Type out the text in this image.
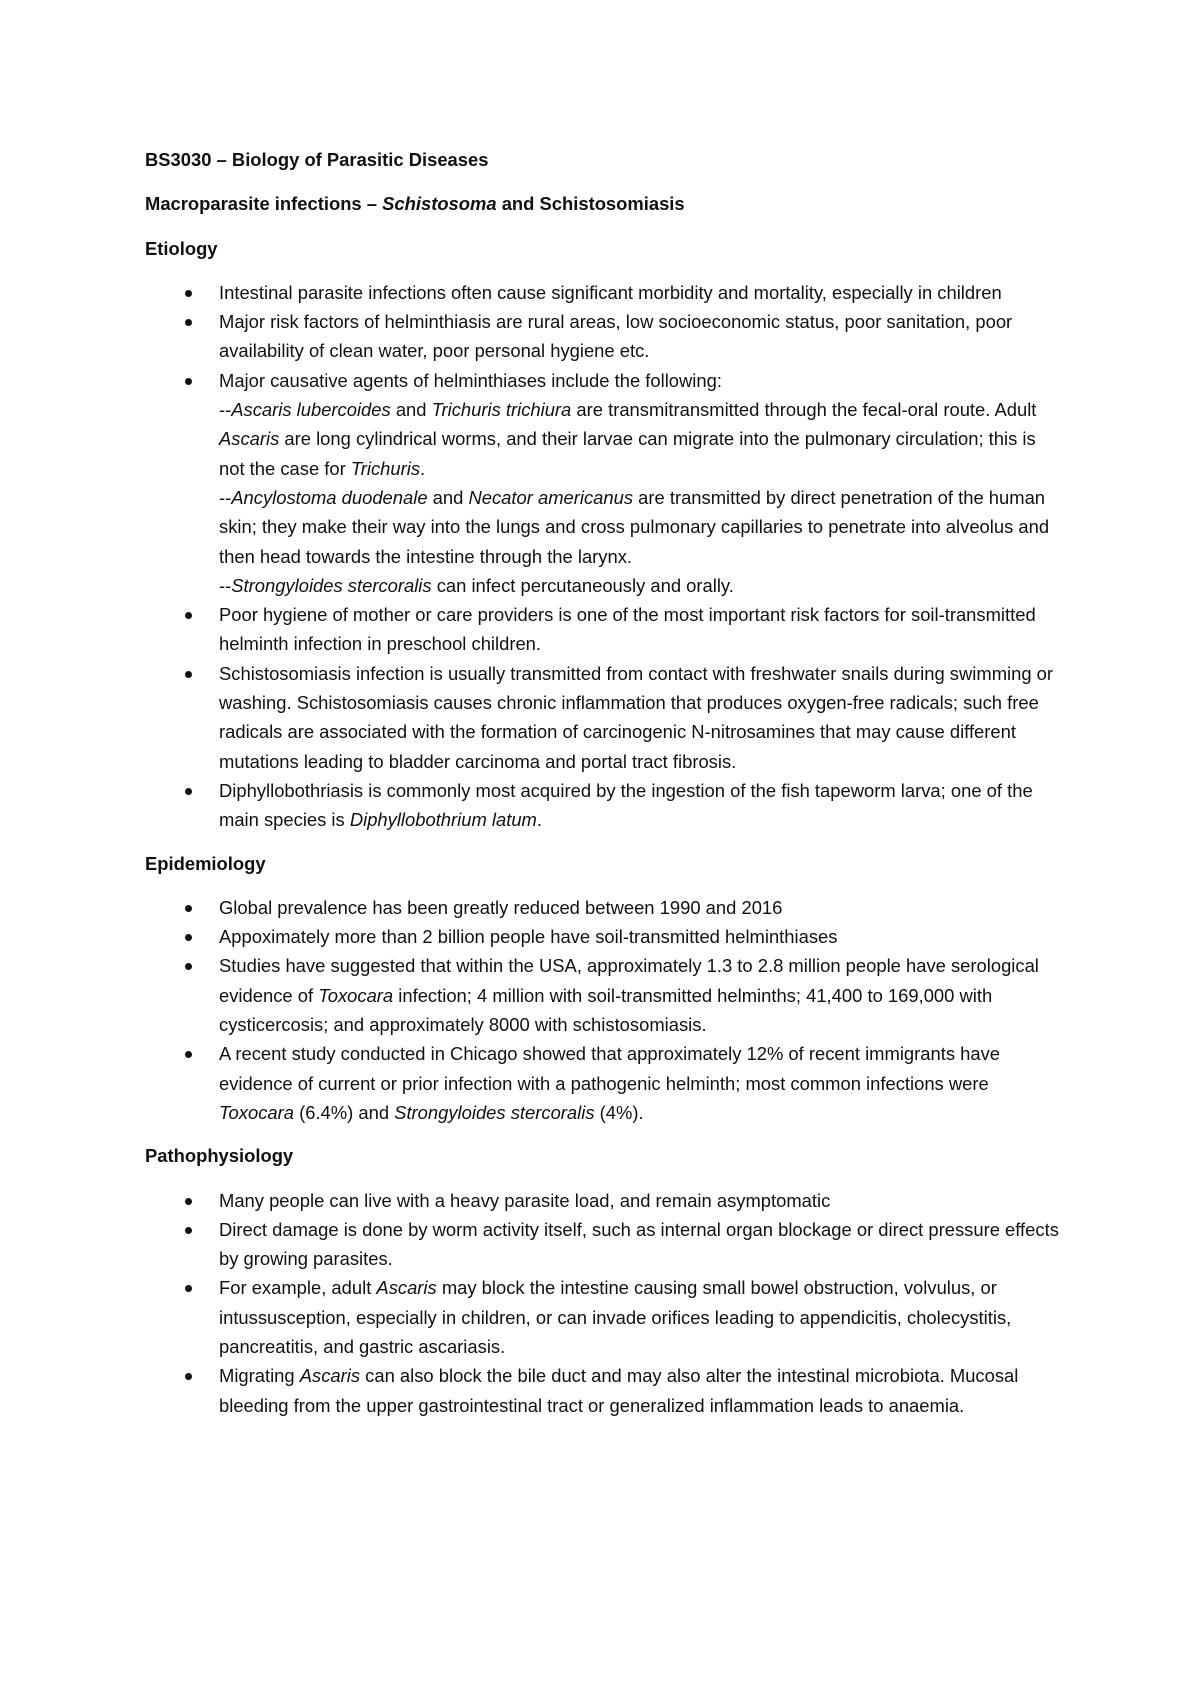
BS3030 – Biology of Parasitic Diseases
Macroparasite infections – Schistosoma and Schistosomiasis
Etiology
Intestinal parasite infections often cause significant morbidity and mortality, especially in children
Major risk factors of helminthiasis are rural areas, low socioeconomic status, poor sanitation, poor availability of clean water, poor personal hygiene etc.
Major causative agents of helminthiases include the following:
--Ascaris lubercoides and Trichuris trichiura are transmitransmitted through the fecal-oral route. Adult Ascaris are long cylindrical worms, and their larvae can migrate into the pulmonary circulation; this is not the case for Trichuris.
--Ancylostoma duodenale and Necator americanus are transmitted by direct penetration of the human skin; they make their way into the lungs and cross pulmonary capillaries to penetrate into alveolus and then head towards the intestine through the larynx.
--Strongyloides stercoralis can infect percutaneously and orally.
Poor hygiene of mother or care providers is one of the most important risk factors for soil-transmitted helminth infection in preschool children.
Schistosomiasis infection is usually transmitted from contact with freshwater snails during swimming or washing. Schistosomiasis causes chronic inflammation that produces oxygen-free radicals; such free radicals are associated with the formation of carcinogenic N-nitrosamines that may cause different mutations leading to bladder carcinoma and portal tract fibrosis.
Diphyllobothriasis is commonly most acquired by the ingestion of the fish tapeworm larva; one of the main species is Diphyllobothrium latum.
Epidemiology
Global prevalence has been greatly reduced between 1990 and 2016
Appoximately more than 2 billion people have soil-transmitted helminthiases
Studies have suggested that within the USA, approximately 1.3 to 2.8 million people have serological evidence of Toxocara infection; 4 million with soil-transmitted helminths; 41,400 to 169,000 with cysticercosis; and approximately 8000 with schistosomiasis.
A recent study conducted in Chicago showed that approximately 12% of recent immigrants have evidence of current or prior infection with a pathogenic helminth; most common infections were Toxocara (6.4%) and Strongyloides stercoralis (4%).
Pathophysiology
Many people can live with a heavy parasite load, and remain asymptomatic
Direct damage is done by worm activity itself, such as internal organ blockage or direct pressure effects by growing parasites.
For example, adult Ascaris may block the intestine causing small bowel obstruction, volvulus, or intussusception, especially in children, or can invade orifices leading to appendicitis, cholecystitis, pancreatitis, and gastric ascariasis.
Migrating Ascaris can also block the bile duct and may also alter the intestinal microbiota. Mucosal bleeding from the upper gastrointestinal tract or generalized inflammation leads to anaemia.
